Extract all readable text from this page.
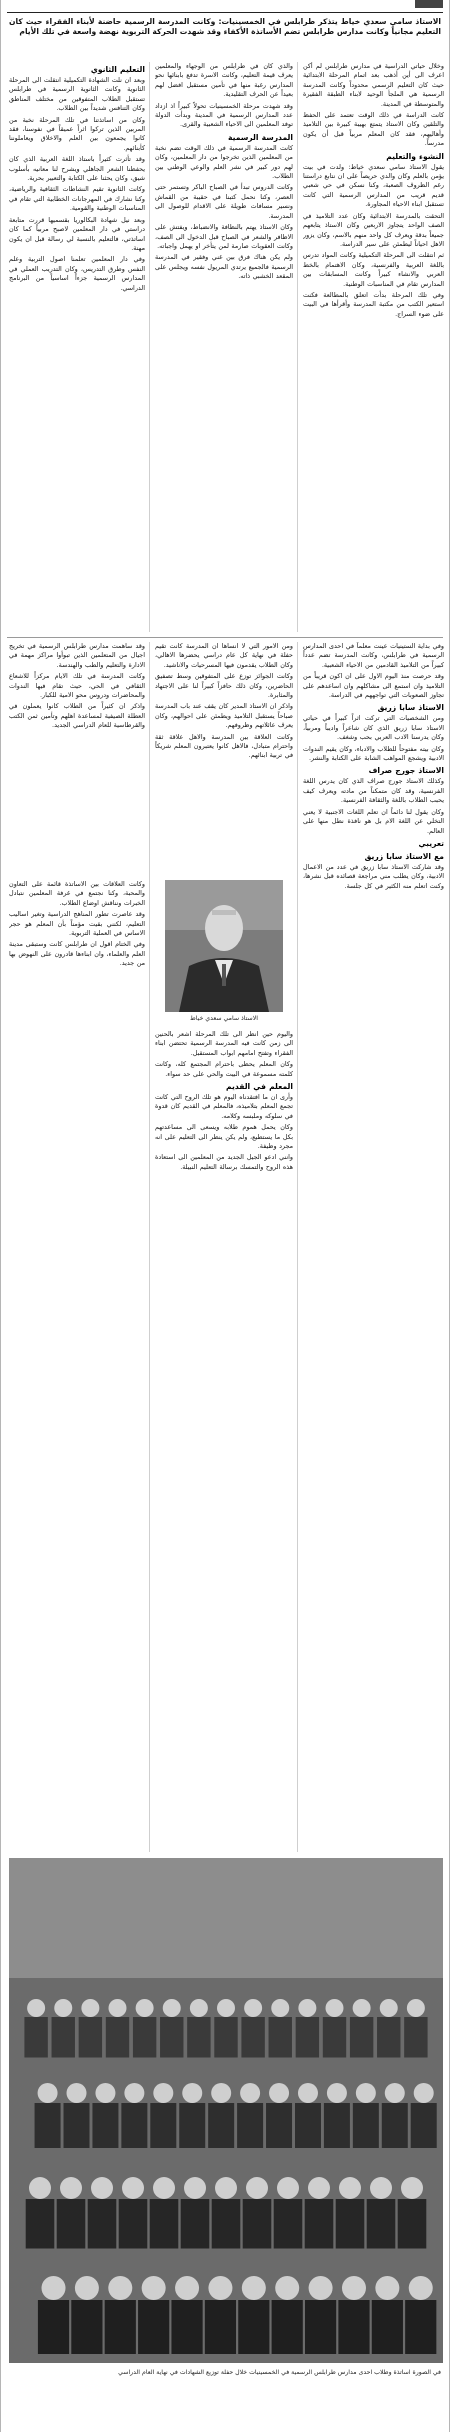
الاستاذ سامي سعدي خياط يتذكر طرابلس في الخمسينيات: وكانت المدرسة الرسمية حاضنة لأبناء الفقراء حيث كان التعليم مجانياً وكانت مدارس طرابلس تضم الأساتذة الأكفاء وقد شهدت الحركة التربوية نهضة واسعة في تلك الأيام

وخلال حياتي الدراسية في مدارس طرابلس لم أكن اعرف الى أين أذهب بعد اتمام المرحلة الابتدائية حيث كان التعليم الرسمي محدوداً وكانت المدرسة الرسمية هي الملجأ الوحيد لابناء الطبقة الفقيرة والمتوسطة في المدينة.

كانت الدراسة في ذلك الوقت تعتمد على الحفظ والتلقين وكان الاستاذ يتمتع بهيبة كبيرة بين التلاميذ وأهاليهم، فقد كان المعلم مربياً قبل أن يكون مدرساً.

النشوء والتعليم

يقول الاستاذ سامي سعدي خياط: ولدت في بيت يؤمن بالعلم وكان والدي حريصاً على ان نتابع دراستنا رغم الظروف الصعبة، وكنا نسكن في حي شعبي قديم قريب من المدارس الرسمية التي كانت تستقبل ابناء الاحياء المجاورة.

التحقت بالمدرسة الابتدائية وكان عدد التلاميذ في الصف الواحد يتجاوز الاربعين وكان الاستاذ يتابعهم جميعاً بدقة ويعرف كل واحد منهم بالاسم، وكان يزور الاهل احياناً ليطمئن على سير الدراسة.

ثم انتقلت الى المرحلة التكميلية وكانت المواد تدرس باللغة العربية والفرنسية، وكان الاهتمام بالخط العربي والانشاء كبيراً وكانت المسابقات بين المدارس تقام في المناسبات الوطنية.

وفي تلك المرحلة بدأت اتعلق بالمطالعة فكنت استعير الكتب من مكتبة المدرسة وأقرأها في البيت على ضوء السراج.

والذي كان في طرابلس من الوجهاء والمعلمين يعرف قيمة التعليم، وكانت الاسرة تدفع بابنائها نحو المدارس رغبة منها في تأمين مستقبل افضل لهم بعيداً عن الحرف التقليدية.

وقد شهدت مرحلة الخمسينيات تحولاً كبيراً اذ ازداد عدد المدارس الرسمية في المدينة وبدأت الدولة توفد المعلمين الى الاحياء الشعبية والقرى.

المدرسة الرسمية

كانت المدرسة الرسمية في ذلك الوقت تضم نخبة من المعلمين الذين تخرجوا من دار المعلمين، وكان لهم دور كبير في نشر العلم والوعي الوطني بين الطلاب.

وكانت الدروس تبدأ في الصباح الباكر وتستمر حتى العصر، وكنا نحمل كتبنا في حقيبة من القماش ونسير مسافات طويلة على الاقدام للوصول الى المدرسة.

وكان الاستاذ يهتم بالنظافة والانضباط، ويفتش على الاظافر والشعر في الصباح قبل الدخول الى الصف، وكانت العقوبات صارمة لمن يتأخر او يهمل واجباته.

ولم يكن هناك فرق بين غني وفقير في المدرسة الرسمية فالجميع يرتدي المريول نفسه ويجلس على المقعد الخشبي ذاته.

التعليم الثانوي

وبعد ان نلت الشهادة التكميلية انتقلت الى المرحلة الثانوية وكانت الثانوية الرسمية في طرابلس تستقبل الطلاب المتفوقين من مختلف المناطق وكان التنافس شديداً بين الطلاب.

وكان من اساتذتنا في تلك المرحلة نخبة من المربين الذين تركوا اثراً عميقاً في نفوسنا، فقد كانوا يجمعون بين العلم والاخلاق ويعاملوننا كأبنائهم.

وقد تأثرت كثيراً باستاذ اللغة العربية الذي كان يحفظنا الشعر الجاهلي ويشرح لنا معانيه بأسلوب شيق، وكان يحثنا على الكتابة والتعبير بحرية.

وكانت الثانوية تقيم النشاطات الثقافية والرياضية، وكنا نشارك في المهرجانات الخطابية التي تقام في المناسبات الوطنية والقومية.

وبعد نيل شهادة البكالوريا بقسميها قررت متابعة دراستي في دار المعلمين لاصبح مربياً كما كان اساتذتي، فالتعليم بالنسبة لي رسالة قبل ان يكون مهنة.

وفي دار المعلمين تعلمنا اصول التربية وعلم النفس وطرق التدريس، وكان التدريب العملي في المدارس الرسمية جزءاً اساسياً من البرنامج الدراسي.

وفي بداية الستينيات عينت معلماً في احدى المدارس الرسمية في طرابلس، وكانت المدرسة تضم عدداً كبيراً من التلاميذ القادمين من الاحياء الشعبية.

وقد حرصت منذ اليوم الاول على ان اكون قريباً من التلاميذ وان استمع الى مشاكلهم وان اساعدهم على تجاوز الصعوبات التي تواجههم في الدراسة.

الاستاذ سابا زريق

ومن الشخصيات التي تركت اثراً كبيراً في حياتي الاستاذ سابا زريق الذي كان شاعراً واديباً ومربياً، وكان يدرسنا الادب العربي بحب وشغف.

وكان بيته مفتوحاً للطلاب والادباء، وكان يقيم الندوات الادبية ويشجع المواهب الشابة على الكتابة والنشر.

الاستاذ جورج صراف

وكذلك الاستاذ جورج صراف الذي كان يدرس اللغة الفرنسية، وقد كان متمكناً من مادته ويعرف كيف يحبب الطلاب باللغة والثقافة الفرنسية.

وكان يقول لنا دائماً ان تعلم اللغات الاجنبية لا يعني التخلي عن اللغة الام بل هو نافذة نطل منها على العالم.

تعريبي
مع الاستاذ سابا زريق

وقد شاركت الاستاذ سابا زريق في عدد من الاعمال الادبية، وكان يطلب مني مراجعة قصائده قبل نشرها، وكنت اتعلم منه الكثير في كل جلسة.

ومن الامور التي لا انساها ان المدرسة كانت تقيم حفلة في نهاية كل عام دراسي يحضرها الاهالي، وكان الطلاب يقدمون فيها المسرحيات والاناشيد.

وكانت الجوائز توزع على المتفوقين وسط تصفيق الحاضرين، وكان ذلك حافزاً كبيراً لنا على الاجتهاد والمثابرة.

واذكر ان الاستاذ المدير كان يقف عند باب المدرسة صباحاً يستقبل التلاميذ ويطمئن على احوالهم، وكان يعرف عائلاتهم وظروفهم.

وكانت العلاقة بين المدرسة والاهل علاقة ثقة واحترام متبادل، فالاهل كانوا يعتبرون المعلم شريكاً في تربية ابنائهم.

الاستاذ سامي سعدي خياط

وقد ساهمت مدارس طرابلس الرسمية في تخريج اجيال من المتعلمين الذين تبوأوا مراكز مهمة في الادارة والتعليم والطب والهندسة.

وكانت المدرسة في تلك الايام مركزاً للاشعاع الثقافي في الحي، حيث تقام فيها الندوات والمحاضرات ودروس محو الامية للكبار.

واذكر ان كثيراً من الطلاب كانوا يعملون في العطلة الصيفية لمساعدة اهلهم وتأمين ثمن الكتب والقرطاسية للعام الدراسي الجديد.

واليوم حين انظر الى تلك المرحلة اشعر بالحنين الى زمن كانت فيه المدرسة الرسمية تحتضن ابناء الفقراء وتفتح امامهم ابواب المستقبل.

وكان المعلم يحظى باحترام المجتمع كله، وكانت كلمته مسموعة في البيت والحي على حد سواء.

المعلم في القديم

وأرى ان ما افتقدناه اليوم هو تلك الروح التي كانت تجمع المعلم بتلاميذه، فالمعلم في القديم كان قدوة في سلوكه وملبسه وكلامه.

وكان يحمل هموم طلابه ويسعى الى مساعدتهم بكل ما يستطيع، ولم يكن ينظر الى التعليم على انه مجرد وظيفة.

وانني ادعو الجيل الجديد من المعلمين الى استعادة هذه الروح والتمسك برسالة التعليم النبيلة.

وكانت العلاقات بين الاساتذة قائمة على التعاون والمحبة، وكنا نجتمع في غرفة المعلمين نتبادل الخبرات ونناقش اوضاع الطلاب.

وقد عاصرت تطور المناهج الدراسية وتغير اساليب التعليم، لكنني بقيت مؤمناً بأن المعلم هو حجر الاساس في العملية التربوية.

وفي الختام اقول ان طرابلس كانت وستبقى مدينة العلم والعلماء، وان ابناءها قادرون على النهوض بها من جديد.

في الصورة اساتذة وطلاب احدى مدارس طرابلس الرسمية في الخمسينيات خلال حفلة توزيع الشهادات في نهاية العام الدراسي
